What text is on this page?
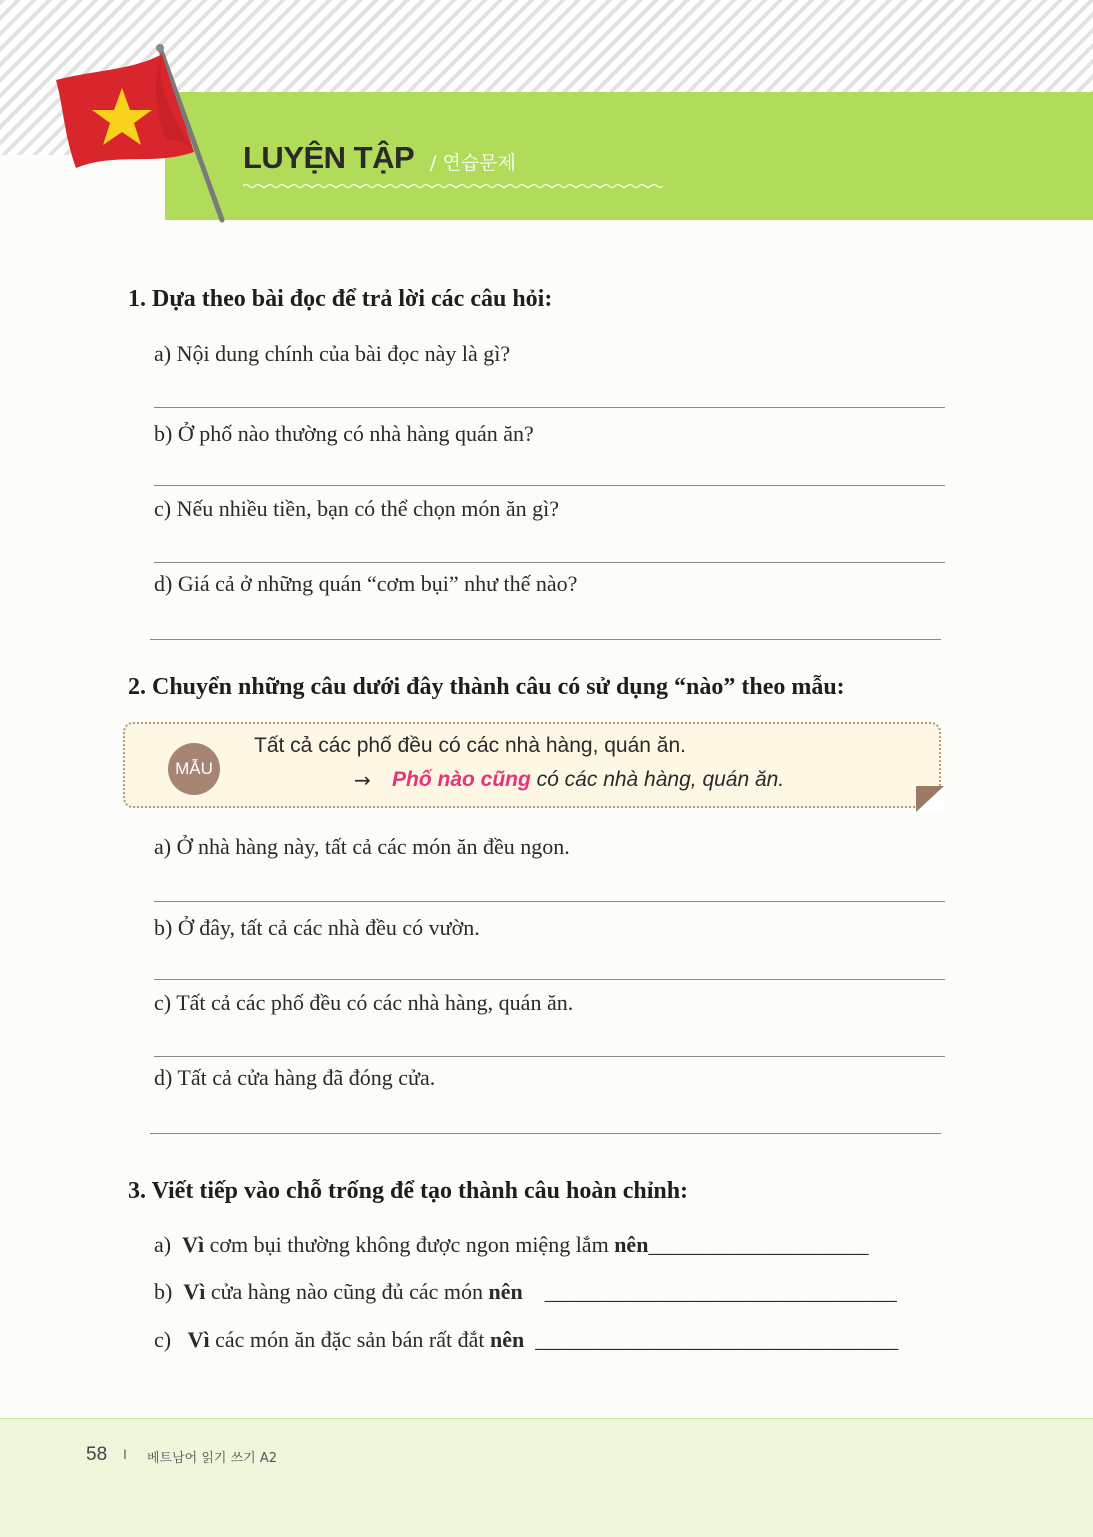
LUYỆN TẬP / 연습문제
1. Dựa theo bài đọc để trả lời các câu hỏi:
a) Nội dung chính của bài đọc này là gì?
b) Ở phố nào thường có nhà hàng quán ăn?
c) Nếu nhiều tiền, bạn có thể chọn món ăn gì?
d) Giá cả ở những quán “cơm bụi” như thế nào?
2. Chuyển những câu dưới đây thành câu có sử dụng “nào” theo mẫu:
MẪU
Tất cả các phố đều có các nhà hàng, quán ăn.
→ Phố nào cũng có các nhà hàng, quán ăn.
a) Ở nhà hàng này, tất cả các món ăn đều ngon.
b) Ở đây, tất cả các nhà đều có vườn.
c) Tất cả các phố đều có các nhà hàng, quán ăn.
d) Tất cả cửa hàng đã đóng cửa.
3. Viết tiếp vào chỗ trống để tạo thành câu hoàn chỉnh:
a) Vì cơm bụi thường không được ngon miệng lắm nên____________________
b) Vì cửa hàng nào cũng đủ các món nên ________________________________
c) Vì các món ăn đặc sản bán rất đắt nên _________________________________
58 I 베트남어 읽기 쓰기 A2
